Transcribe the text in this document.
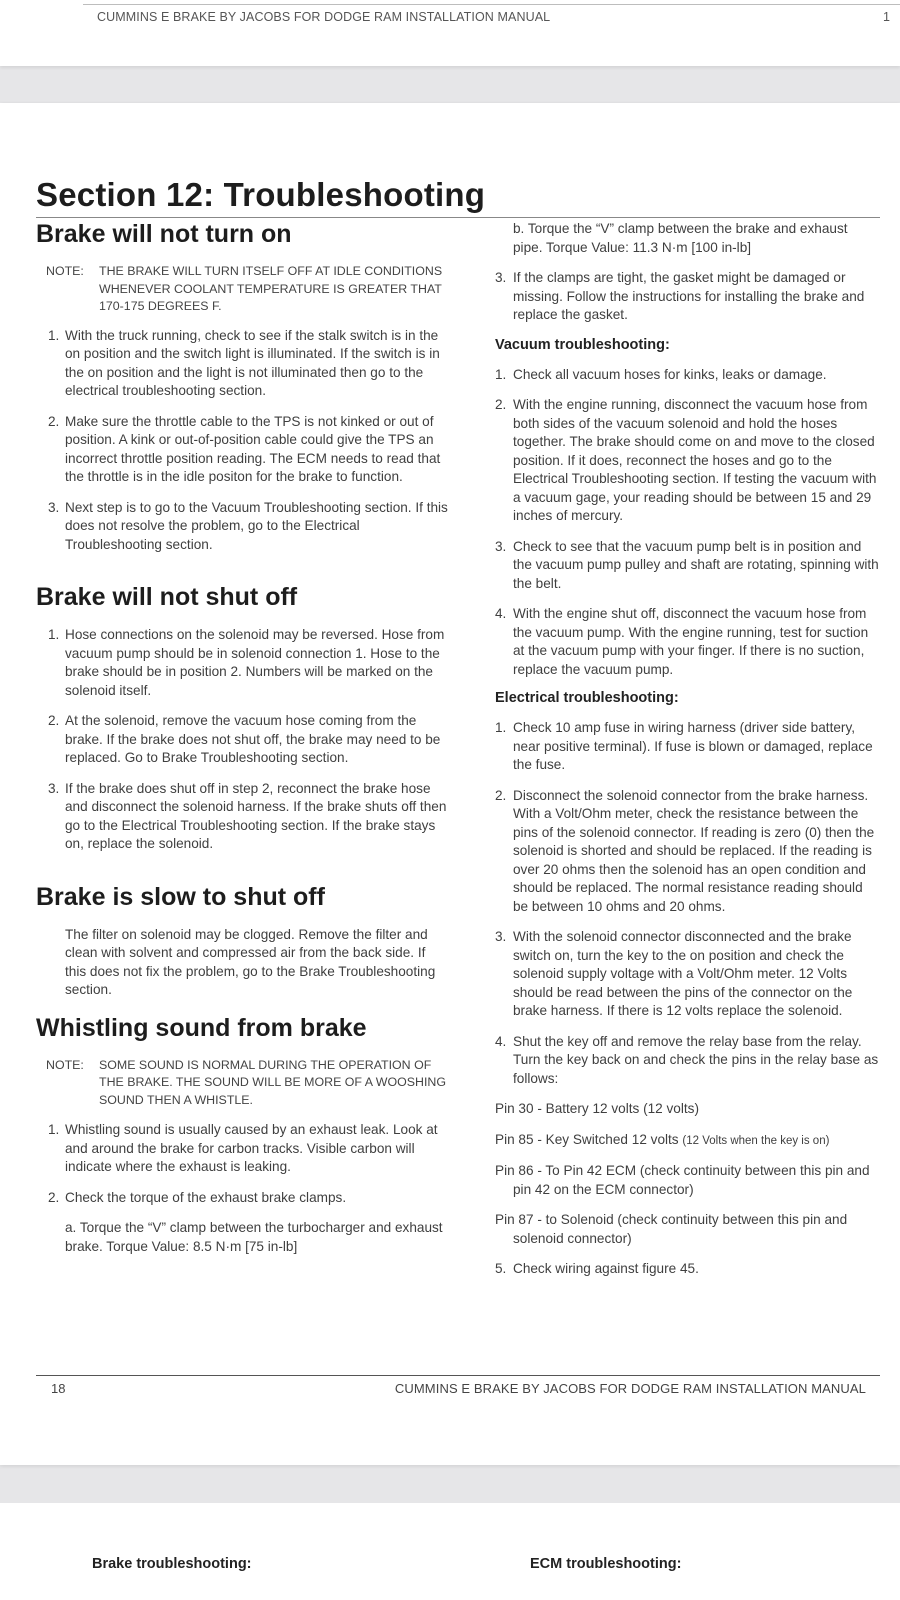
CUMMINS E BRAKE BY JACOBS FOR DODGE RAM INSTALLATION MANUAL	1
Section 12: Troubleshooting
Brake will not turn on
NOTE: THE BRAKE WILL TURN ITSELF OFF AT IDLE CONDITIONS WHENEVER COOLANT TEMPERATURE IS GREATER THAT 170-175 DEGREES F.
1. With the truck running, check to see if the stalk switch is in the on position and the switch light is illuminated. If the switch is in the on position and the light is not illuminated then go to the electrical troubleshooting section.
2. Make sure the throttle cable to the TPS is not kinked or out of position. A kink or out-of-position cable could give the TPS an incorrect throttle position reading. The ECM needs to read that the throttle is in the idle positon for the brake to function.
3. Next step is to go to the Vacuum Troubleshooting section. If this does not resolve the problem, go to the Electrical Troubleshooting section.
Brake will not shut off
1. Hose connections on the solenoid may be reversed. Hose from vacuum pump should be in solenoid connection 1. Hose to the brake should be in position 2. Numbers will be marked on the solenoid itself.
2. At the solenoid, remove the vacuum hose coming from the brake. If the brake does not shut off, the brake may need to be replaced. Go to Brake Troubleshooting section.
3. If the brake does shut off in step 2, reconnect the brake hose and disconnect the solenoid harness. If the brake shuts off then go to the Electrical Troubleshooting section. If the brake stays on, replace the solenoid.
Brake is slow to shut off

The filter on solenoid may be clogged. Remove the filter and clean with solvent and compressed air from the back side. If this does not fix the problem, go to the Brake Troubleshooting section.

Whistling sound from brake
NOTE: SOME SOUND IS NORMAL DURING THE OPERATION OF THE BRAKE. THE SOUND WILL BE MORE OF A WOOSHING SOUND THEN A WHISTLE.
1. Whistling sound is usually caused by an exhaust leak. Look at and around the brake for carbon tracks. Visible carbon will indicate where the exhaust is leaking.
2. Check the torque of the exhaust brake clamps.

a. Torque the “V” clamp between the turbocharger and exhaust brake. Torque Value: 8.5 N·m [75 in-lb]

b. Torque the “V” clamp between the brake and exhaust pipe. Torque Value: 11.3 N·m [100 in-lb]

3. If the clamps are tight, the gasket might be damaged or missing. Follow the instructions for installing the brake and replace the gasket.
Vacuum troubleshooting:
1. Check all vacuum hoses for kinks, leaks or damage.
2. With the engine running, disconnect the vacuum hose from both sides of the vacuum solenoid and hold the hoses together. The brake should come on and move to the closed position. If it does, reconnect the hoses and go to the Electrical Troubleshooting section. If testing the vacuum with a vacuum gage, your reading should be between 15 and 29 inches of mercury.
3. Check to see that the vacuum pump belt is in position and the vacuum pump pulley and shaft are rotating, spinning with the belt.
4. With the engine shut off, disconnect the vacuum hose from the vacuum pump. With the engine running, test for suction at the vacuum pump with your finger. If there is no suction, replace the vacuum pump.
Electrical troubleshooting:
1. Check 10 amp fuse in wiring harness (driver side battery, near positive terminal). If fuse is blown or damaged, replace the fuse.
2. Disconnect the solenoid connector from the brake harness. With a Volt/Ohm meter, check the resistance between the pins of the solenoid connector. If reading is zero (0) then the solenoid is shorted and should be replaced. If the reading is over 20 ohms then the solenoid has an open condition and should be replaced. The normal resistance reading should be between 10 ohms and 20 ohms.
3. With the solenoid connector disconnected and the brake switch on, turn the key to the on position and check the solenoid supply voltage with a Volt/Ohm meter. 12 Volts should be read between the pins of the connector on the brake harness. If there is 12 volts replace the solenoid.
4. Shut the key off and remove the relay base from the relay. Turn the key back on and check the pins in the relay base as follows:

Pin 30 - Battery 12 volts (12 volts)

Pin 85 - Key Switched 12 volts (12 Volts when the key is on)

Pin 86 - To Pin 42 ECM (check continuity between this pin and pin 42 on the ECM connector)

Pin 87 - to Solenoid (check continuity between this pin and solenoid connector)

5. Check wiring against figure 45.
18	CUMMINS E BRAKE BY JACOBS FOR DODGE RAM INSTALLATION MANUAL
Brake troubleshooting:	ECM troubleshooting:
